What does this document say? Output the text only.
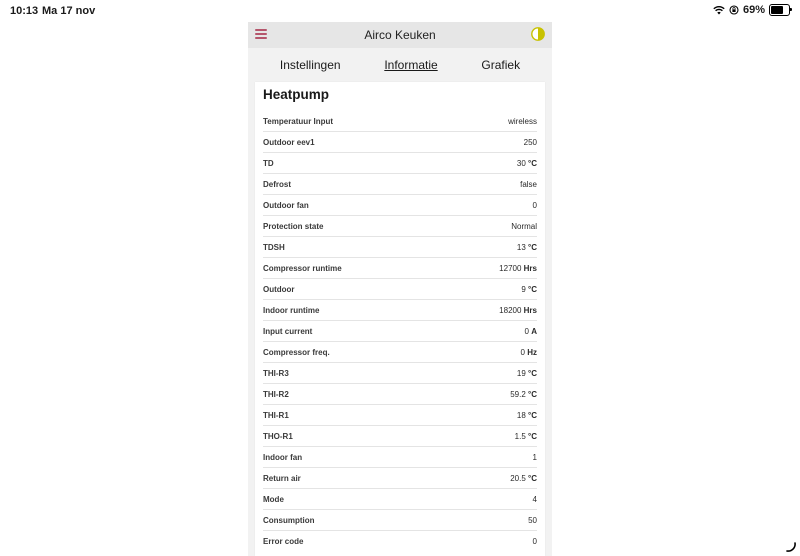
10:13 Ma 17 nov	69%
Airco Keuken
Instellingen	Informatie	Grafiek
Heatpump
Temperatuur Input	wireless
Outdoor eev1	250
TD	30 °C
Defrost	false
Outdoor fan	0
Protection state	Normal
TDSH	13 °C
Compressor runtime	12700 Hrs
Outdoor	9 °C
Indoor runtime	18200 Hrs
Input current	0 A
Compressor freq.	0 Hz
THI-R3	19 °C
THI-R2	59.2 °C
THI-R1	18 °C
THO-R1	1.5 °C
Indoor fan	1
Return air	20.5 °C
Mode	4
Consumption	50
Error code	0
